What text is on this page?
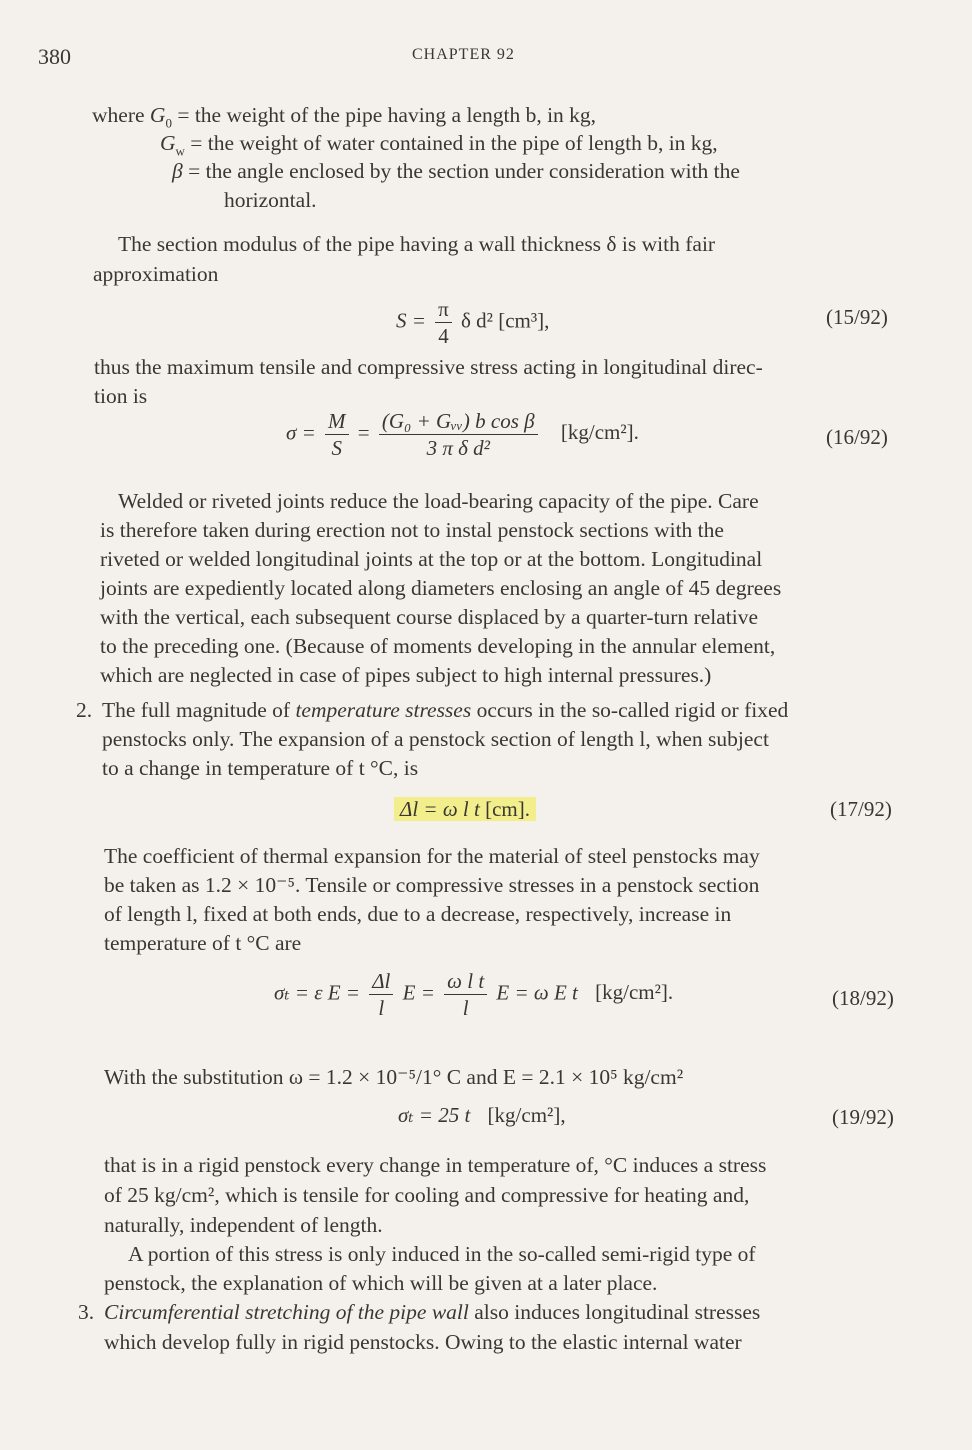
380	CHAPTER 92
where $G_0$ = the weight of the pipe having a length b, in kg,
$G_w$ = the weight of water contained in the pipe of length b, in kg,
β = the angle enclosed by the section under consideration with the
horizontal.
The section modulus of the pipe having a wall thickness δ is with fair
approximation
$S = \frac{\pi}{4}$ δ d² [cm³],	(15/92)
thus the maximum tensile and compressive stress acting in longitudinal direc-
tion is
$\sigma = \frac{M}{S} = \frac{\text{(G₀ + Gᵥᵥ) b cos β}}{\text{3 π δ d²}} [kg/cm^2]$.	(16/92)
Welded or riveted joints reduce the load-bearing capacity of the pipe. Care
is therefore taken during erection not to instal penstock sections with the
riveted or welded longitudinal joints at the top or at the bottom. Longitudinal
joints are expediently located along diameters enclosing an angle of 45 degrees
with the vertical, each subsequent course displaced by a quarter-turn relative
to the preceding one. (Because of moments developing in the annular element,
which are neglected in case of pipes subject to high internal pressures.)
2. The full magnitude of temperature stresses occurs in the so-called rigid or fixed
penstocks only. The expansion of a penstock section of length l, when subject
to a change in temperature of t °C, is
Δl = ω l t [cm].	(17/92)
The coefficient of thermal expansion for the material of steel penstocks may
be taken as 1.2 × 10⁻⁵. Tensile or compressive stresses in a penstock section
of length l, fixed at both ends, due to a decrease, respectively, increase in
temperature of t °C are
σₜ = ε $E = \frac{\Delta l}{l}$ $E = \frac{\text{ω l t}}{l}$ E = ω E t [kg/cm²].	(18/92)
With the substitution ω = 1.2 × 10⁻⁵/1° C and E = 2.1 × 10⁵ kg/cm²
σₜ = 25 t [kg/cm²],	(19/92)
that is in a rigid penstock every change in temperature of, °C induces a stress
of 25 kg/cm², which is tensile for cooling and compressive for heating and,
naturally, independent of length.
A portion of this stress is only induced in the so-called semi-rigid type of
penstock, the explanation of which will be given at a later place.
3. Circumferential stretching of the pipe wall also induces longitudinal stresses
which develop fully in rigid penstocks. Owing to the elastic internal water
